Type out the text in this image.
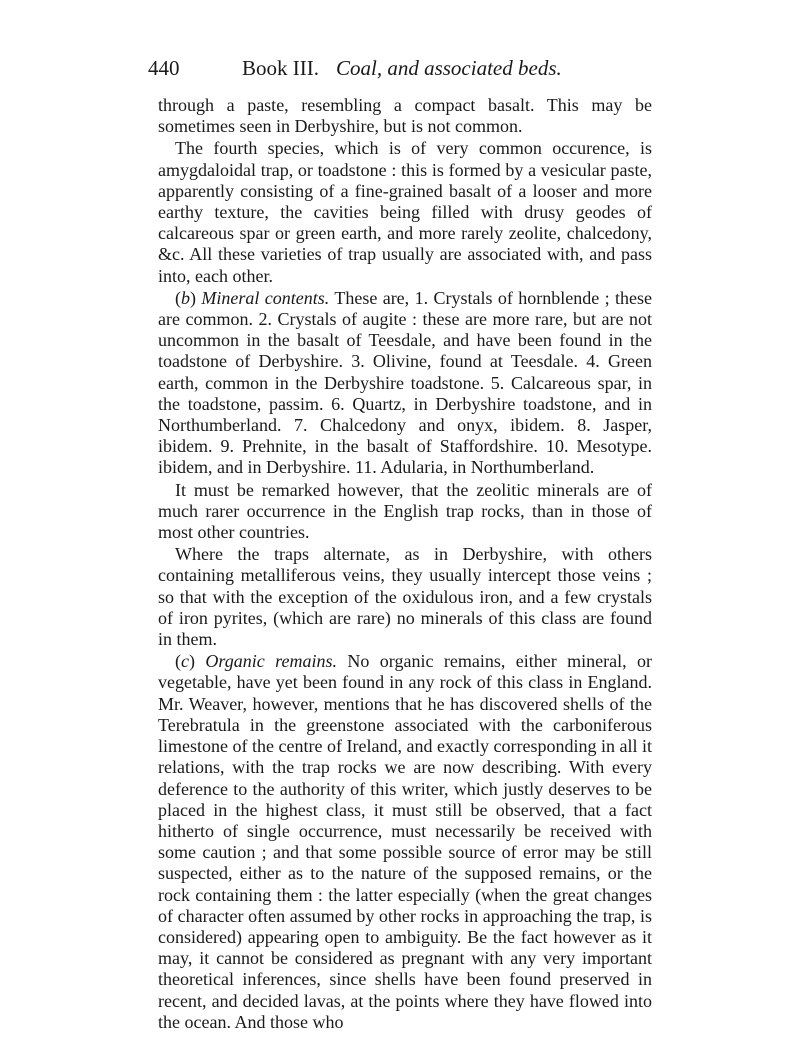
440	Book III. Coal, and associated beds.

through a paste, resembling a compact basalt. This may be sometimes seen in Derbyshire, but is not common.

The fourth species, which is of very common occurence, is amygdaloidal trap, or toadstone : this is formed by a vesicular paste, apparently consisting of a fine-grained basalt of a looser and more earthy texture, the cavities being filled with drusy geodes of calcareous spar or green earth, and more rarely zeolite, chalcedony, &c. All these varieties of trap usually are associated with, and pass into, each other.

(b) Mineral contents. These are, 1. Crystals of hornblende ; these are common. 2. Crystals of augite : these are more rare, but are not uncommon in the basalt of Teesdale, and have been found in the toadstone of Derbyshire. 3. Olivine, found at Teesdale. 4. Green earth, common in the Derbyshire toadstone. 5. Calcareous spar, in the toadstone, passim. 6. Quartz, in Derbyshire toadstone, and in Northumberland. 7. Chalcedony and onyx, ibidem. 8. Jasper, ibidem. 9. Prehnite, in the basalt of Staffordshire. 10. Mesotype. ibidem, and in Derbyshire. 11. Adularia, in Northumberland.

It must be remarked however, that the zeolitic minerals are of much rarer occurrence in the English trap rocks, than in those of most other countries.

Where the traps alternate, as in Derbyshire, with others containing metalliferous veins, they usually intercept those veins ; so that with the exception of the oxidulous iron, and a few crystals of iron pyrites, (which are rare) no minerals of this class are found in them.

(c) Organic remains. No organic remains, either mineral, or vegetable, have yet been found in any rock of this class in England. Mr. Weaver, however, mentions that he has discovered shells of the Terebratula in the greenstone associated with the carboniferous limestone of the centre of Ireland, and exactly corresponding in all it relations, with the trap rocks we are now describing. With every deference to the authority of this writer, which justly deserves to be placed in the highest class, it must still be observed, that a fact hitherto of single occurrence, must necessarily be received with some caution ; and that some possible source of error may be still suspected, either as to the nature of the supposed remains, or the rock containing them : the latter especially (when the great changes of character often assumed by other rocks in approaching the trap, is considered) appearing open to ambiguity. Be the fact however as it may, it cannot be considered as pregnant with any very important theoretical inferences, since shells have been found preserved in recent, and decided lavas, at the points where they have flowed into the ocean. And those who
